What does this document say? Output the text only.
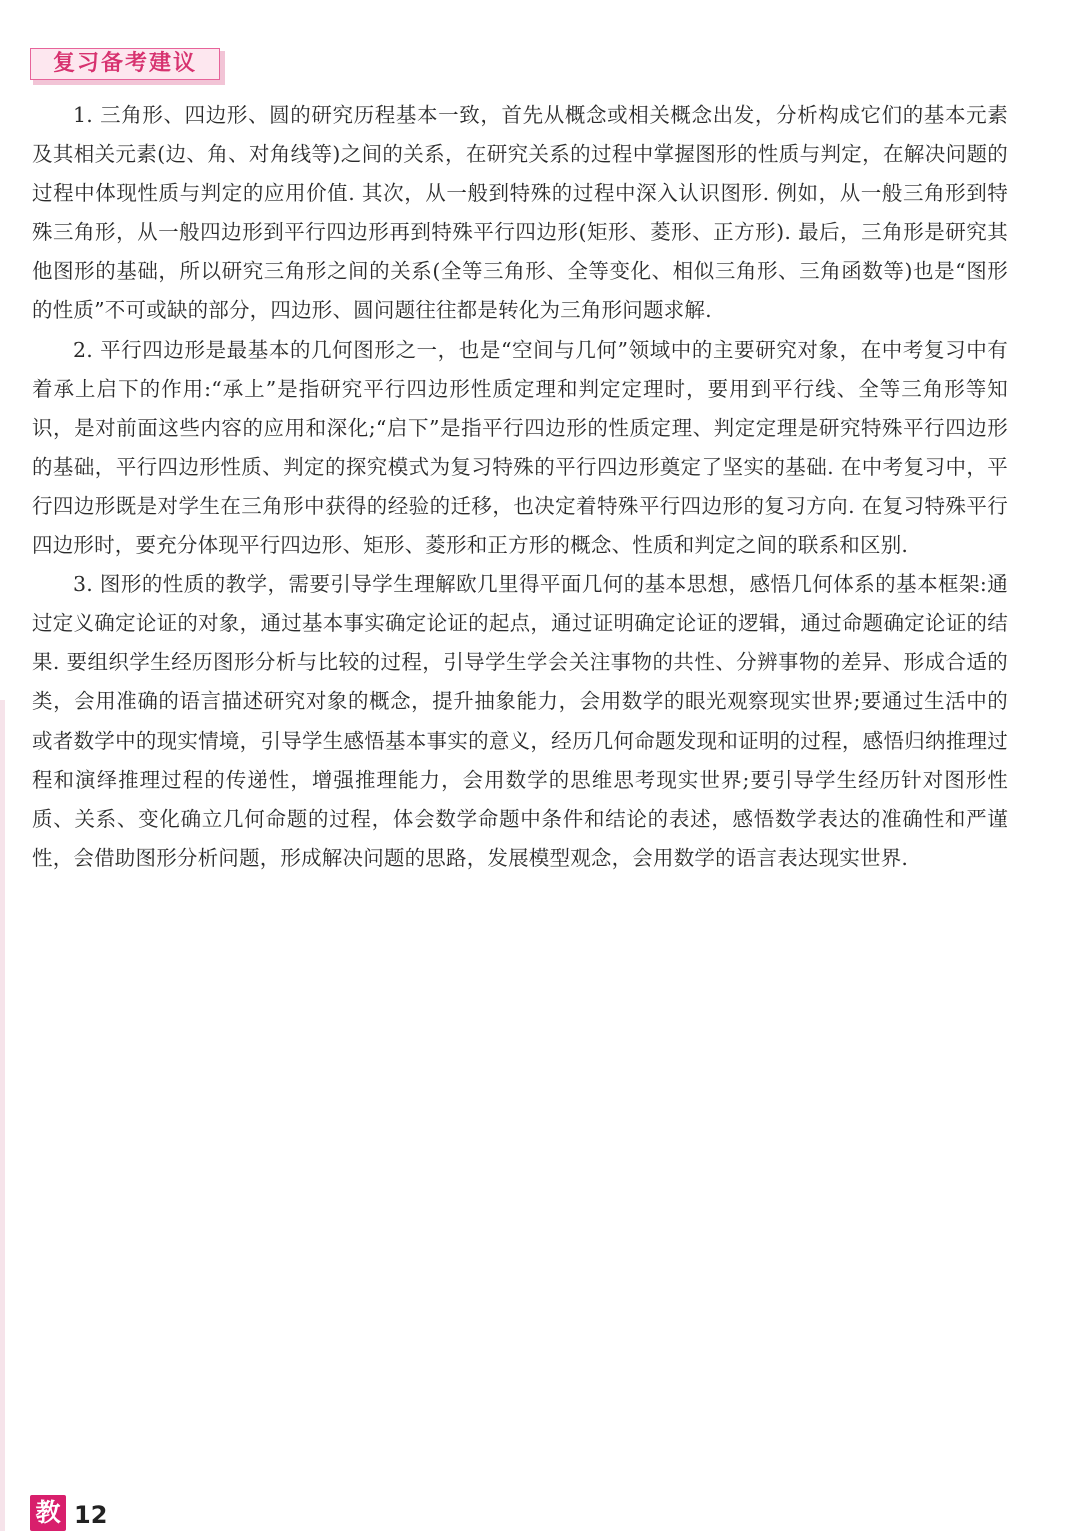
复习备考建议

1. 三角形、四边形、圆的研究历程基本一致，首先从概念或相关概念出发，分析构成它们的基本元素及其相关元素(边、角、对角线等)之间的关系，在研究关系的过程中掌握图形的性质与判定，在解决问题的过程中体现性质与判定的应用价值. 其次，从一般到特殊的过程中深入认识图形. 例如，从一般三角形到特殊三角形，从一般四边形到平行四边形再到特殊平行四边形(矩形、菱形、正方形). 最后，三角形是研究其他图形的基础，所以研究三角形之间的关系(全等三角形、全等变化、相似三角形、三角函数等)也是“图形的性质”不可或缺的部分，四边形、圆问题往往都是转化为三角形问题求解.

2. 平行四边形是最基本的几何图形之一，也是“空间与几何”领域中的主要研究对象，在中考复习中有着承上启下的作用:“承上”是指研究平行四边形性质定理和判定定理时，要用到平行线、全等三角形等知识，是对前面这些内容的应用和深化;“启下”是指平行四边形的性质定理、判定定理是研究特殊平行四边形的基础，平行四边形性质、判定的探究模式为复习特殊的平行四边形奠定了坚实的基础. 在中考复习中，平行四边形既是对学生在三角形中获得的经验的迁移，也决定着特殊平行四边形的复习方向. 在复习特殊平行四边形时，要充分体现平行四边形、矩形、菱形和正方形的概念、性质和判定之间的联系和区别.

3. 图形的性质的教学，需要引导学生理解欧几里得平面几何的基本思想，感悟几何体系的基本框架:通过定义确定论证的对象，通过基本事实确定论证的起点，通过证明确定论证的逻辑，通过命题确定论证的结果. 要组织学生经历图形分析与比较的过程，引导学生学会关注事物的共性、分辨事物的差异、形成合适的类，会用准确的语言描述研究对象的概念，提升抽象能力，会用数学的眼光观察现实世界;要通过生活中的或者数学中的现实情境，引导学生感悟基本事实的意义，经历几何命题发现和证明的过程，感悟归纳推理过程和演绎推理过程的传递性，增强推理能力，会用数学的思维思考现实世界;要引导学生经历针对图形性质、关系、变化确立几何命题的过程，体会数学命题中条件和结论的表述，感悟数学表达的准确性和严谨性，会借助图形分析问题，形成解决问题的思路，发展模型观念，会用数学的语言表达现实世界.

教 12
